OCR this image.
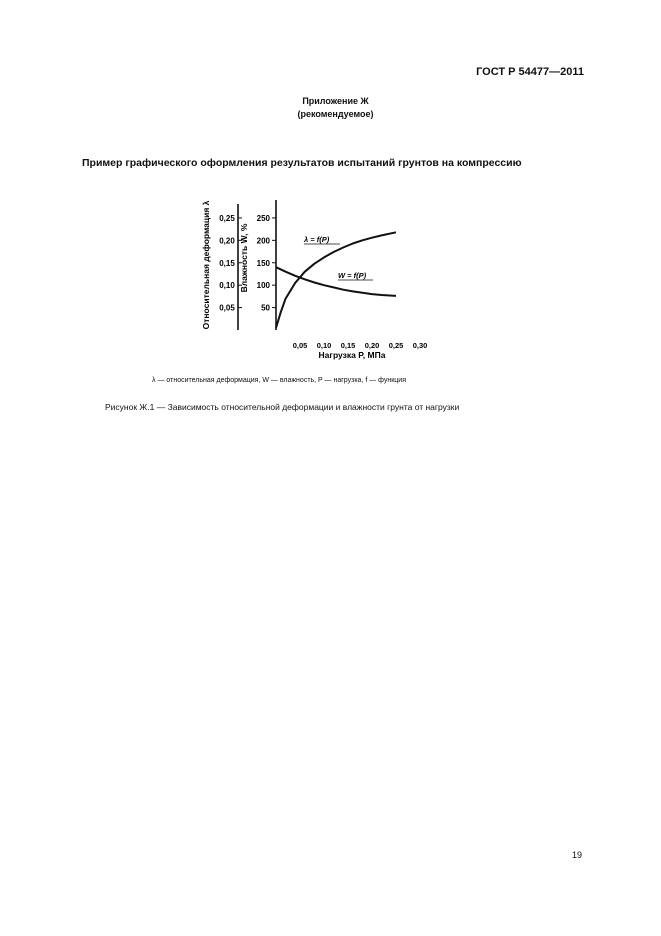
ГОСТ Р 54477—2011
Приложение Ж
(рекомендуемое)
Пример графического оформления результатов испытаний грунтов на компрессию
Относительная деформация λ	Влажность W, %
Нагрузка P, МПа
0,05
0,10
0,15
0,20
0,25
50
100
150
200
250
0,05 0,10 0,15 0,20 0,25 0,30
λ = f(P)
W = f(P)
λ — относительная деформация, W — влажность, P — нагрузка, f — функция
Рисунок Ж.1 — Зависимость относительной деформации и влажности грунта от нагрузки
19
